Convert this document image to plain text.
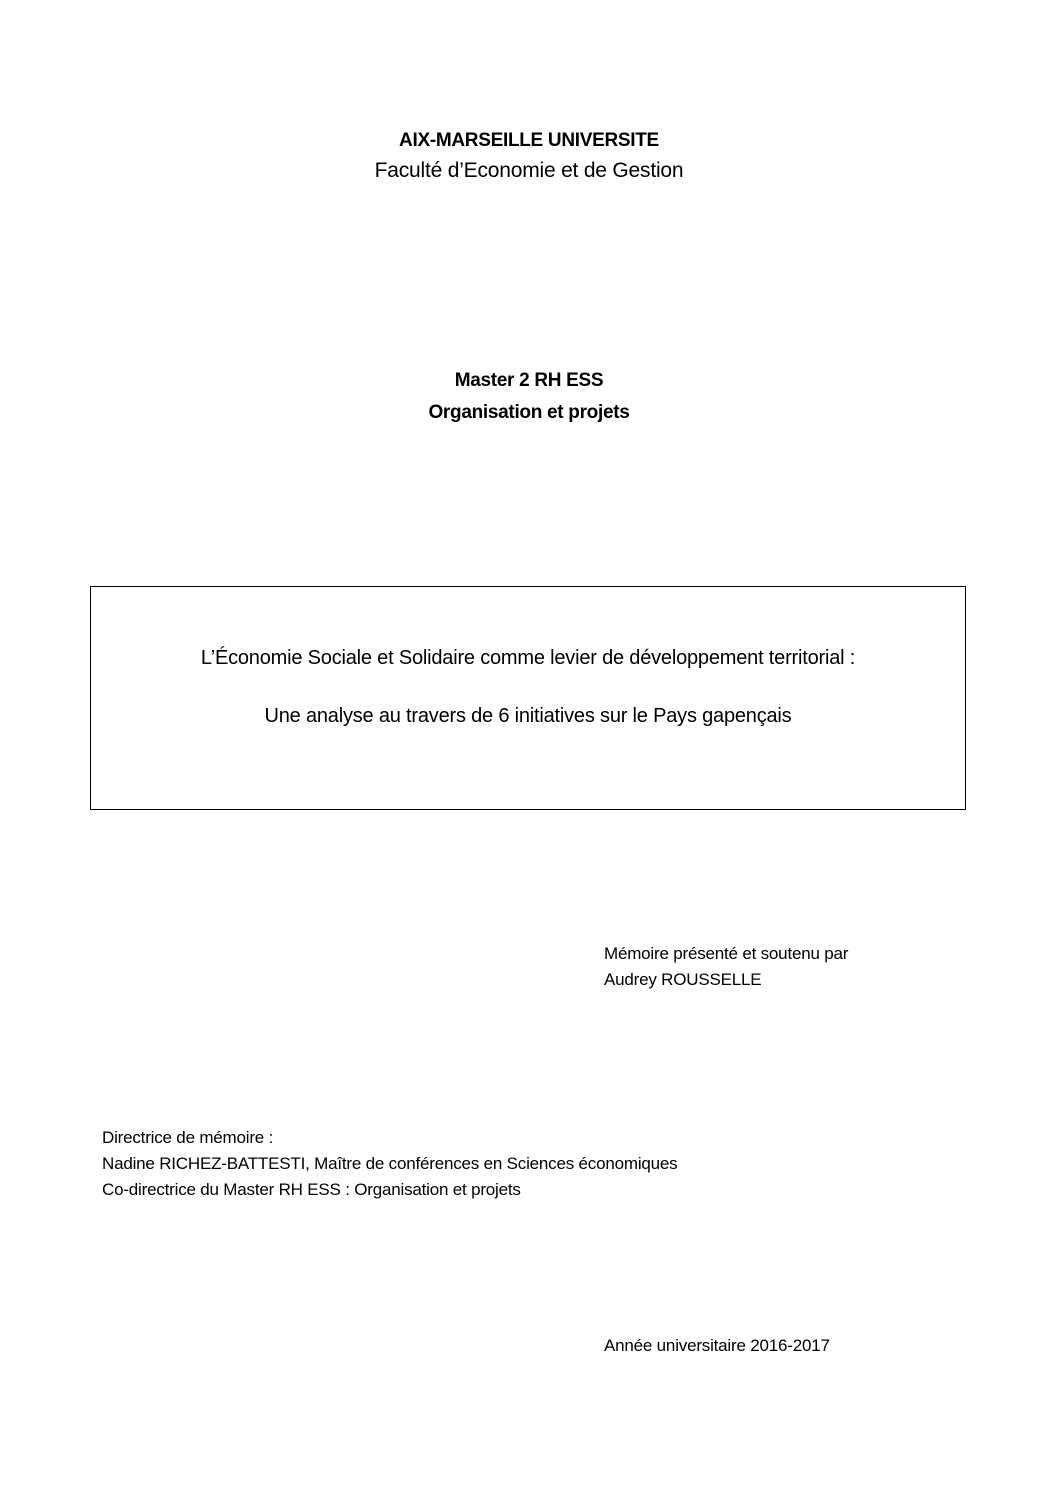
AIX-MARSEILLE UNIVERSITE
Faculté d’Economie et de Gestion
Master 2 RH ESS
Organisation et projets
L’Économie Sociale et Solidaire comme levier de développement territorial :
Une analyse au travers de 6 initiatives sur le Pays gapençais
Mémoire présenté et soutenu par
Audrey ROUSSELLE
Directrice de mémoire :
Nadine RICHEZ-BATTESTI, Maître de conférences en Sciences économiques
Co-directrice du Master RH ESS : Organisation et projets
Année universitaire 2016-2017
